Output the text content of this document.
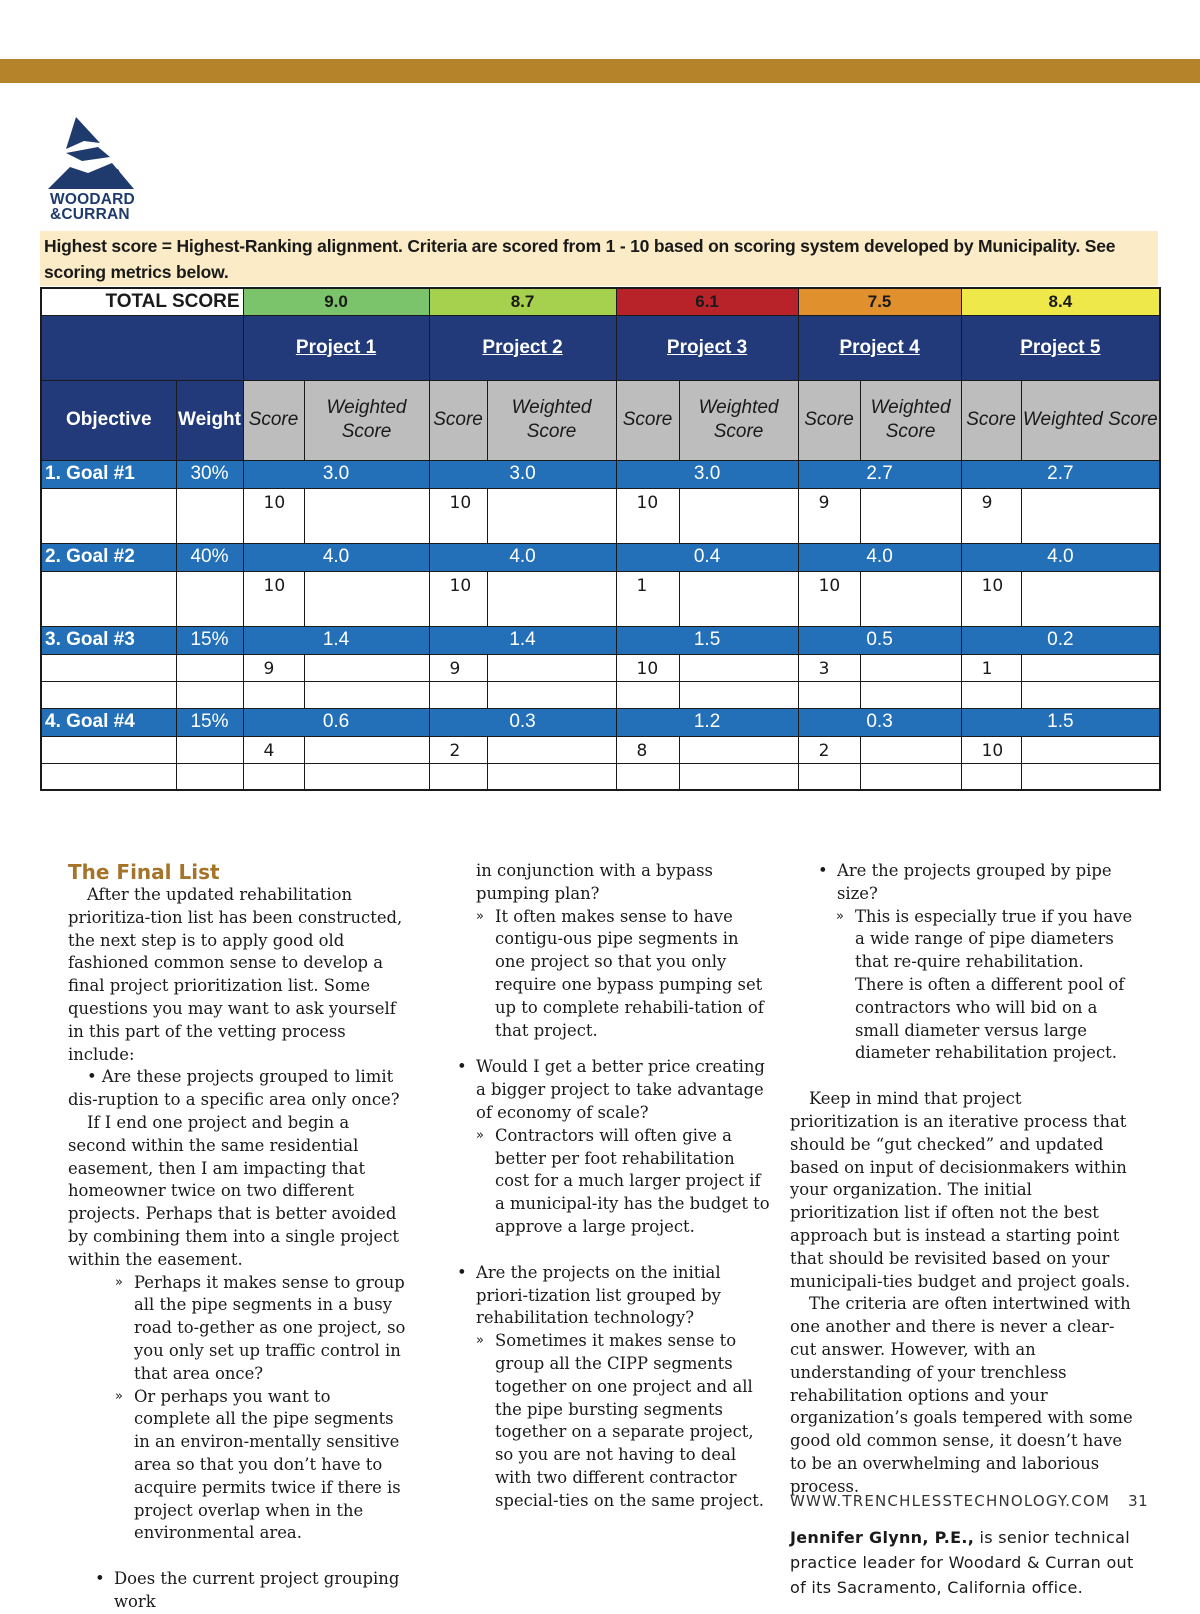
WOODARD
&CURRAN
Highest score = Highest-Ranking alignment. Criteria are scored from 1 - 10 based on scoring system developed by Municipality. See scoring metrics below.
TOTAL SCORE		9.0		8.7		6.1		7.5		8.4	
		Project 1		Project 2		Project 3		Project 4		Project 5	
Objective	Weight	Score	Weighted Score	Score	Weighted Score	Score	Weighted Score	Score	Weighted Score	Score	Weighted Score
1. Goal #1	30%	3.0		3.0		3.0		2.7		2.7	
		10		10		10		9		9	
2. Goal #2	40%	4.0		4.0		0.4		4.0		4.0	
		10		10		1		10		10	
3. Goal #3	15%	1.4		1.4		1.5		0.5		0.2	
		9		9		10		3		1	

4. Goal #4	15%	0.6		0.3		1.2		0.3		1.5	
		4		2		8		2		10	

The Final List

After the updated rehabilitation prioritiza-tion list has been constructed, the next step is to apply good old fashioned common sense to develop a final project prioritization list. Some questions you may want to ask yourself in this part of the vetting process include:

• Are these projects grouped to limit dis-ruption to a specific area only once?

If I end one project and begin a second within the same residential easement, then I am impacting that homeowner twice on two different projects. Perhaps that is better avoided by combining them into a single project within the easement.

» Perhaps it makes sense to group all the pipe segments in a busy road to-gether as one project, so you only set up traffic control in that area once?
» Or perhaps you want to complete all the pipe segments in an environ-mentally sensitive area so that you don’t have to acquire permits twice if there is project overlap when in the environmental area.
• Does the current project grouping work

in conjunction with a bypass pumping plan?

» It often makes sense to have contigu-ous pipe segments in one project so that you only require one bypass pumping set up to complete rehabili-tation of that project.
• Would I get a better price creating a bigger project to take advantage of economy of scale?
» Contractors will often give a better per foot rehabilitation cost for a much larger project if a municipal-ity has the budget to approve a large project.
• Are the projects on the initial priori-tization list grouped by rehabilitation technology?
» Sometimes it makes sense to group all the CIPP segments together on one project and all the pipe bursting segments together on a separate project, so you are not having to deal with two different contractor special-ties on the same project.
• Are the projects grouped by pipe size?
» This is especially true if you have a wide range of pipe diameters that re-quire rehabilitation. There is often a different pool of contractors who will bid on a small diameter versus large diameter rehabilitation project.

Keep in mind that project prioritization is an iterative process that should be “gut checked” and updated based on input of decisionmakers within your organization. The initial prioritization list if often not the best approach but is instead a starting point that should be revisited based on your municipali-ties budget and project goals.

The criteria are often intertwined with one another and there is never a clear-cut answer. However, with an understanding of your trenchless rehabilitation options and your organization’s goals tempered with some good old common sense, it doesn’t have to be an overwhelming and laborious process.

Jennifer Glynn, P.E., is senior technical practice leader for Woodard & Curran out of its Sacramento, California office.

WWW.TRENCHLESSTECHNOLOGY.COM 31
